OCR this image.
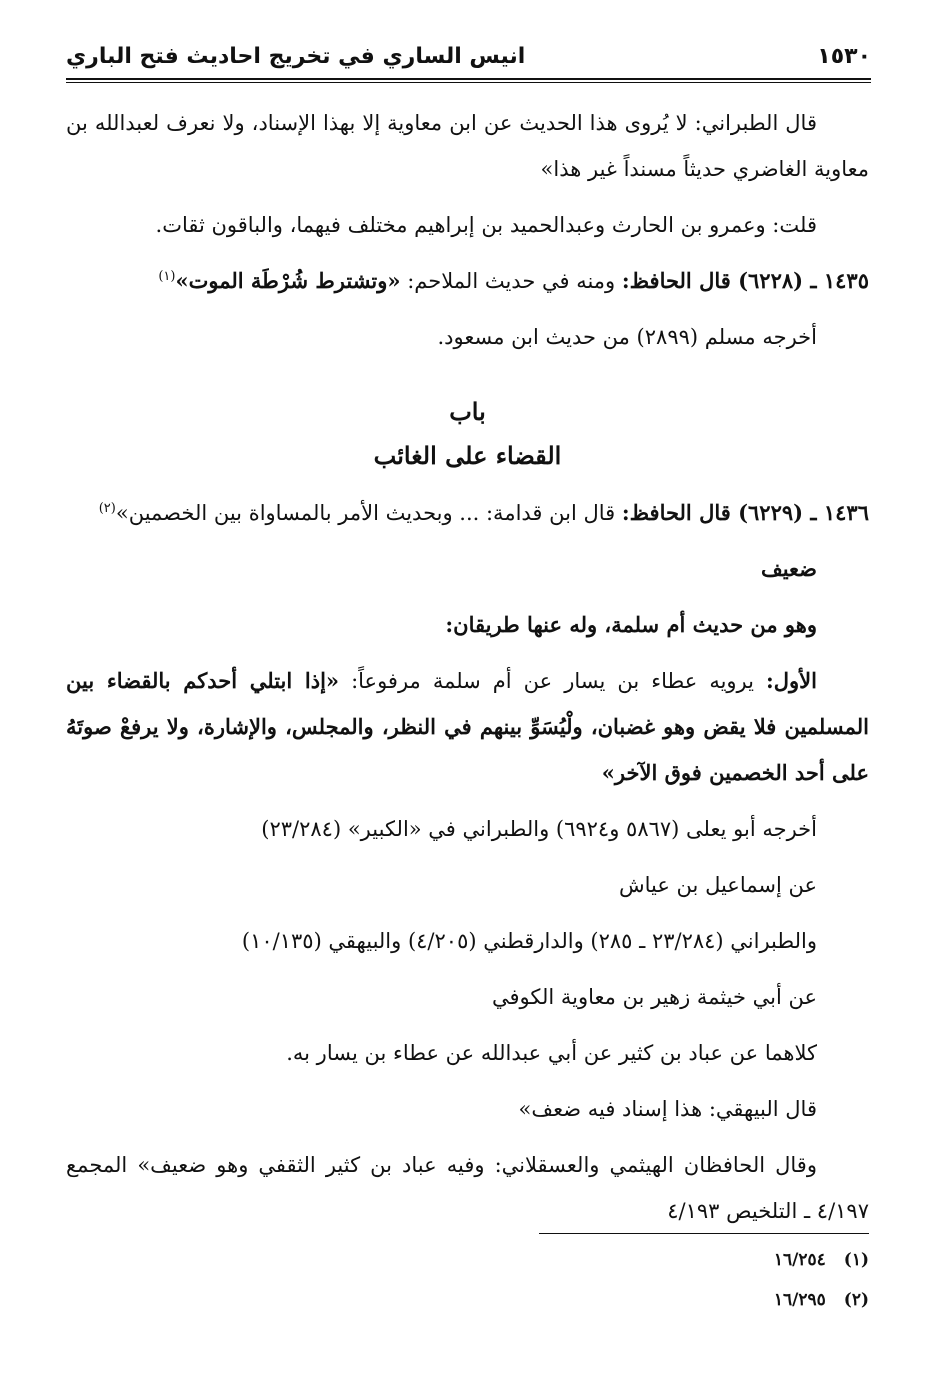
١٥٣٠
انيس الساري في تخريج احاديث فتح الباري

قال الطبراني: لا يُروى هذا الحديث عن ابن معاوية إلا بهذا الإسناد، ولا نعرف لعبدالله بن معاوية الغاضري حديثاً مسنداً غير هذا»

قلت: وعمرو بن الحارث وعبدالحميد بن إبراهيم مختلف فيهما، والباقون ثقات.

١٤٣٥ ـ (٦٢٢٨) قال الحافظ: ومنه في حديث الملاحم: «وتشترط شُرْطَة الموت»$^{(١)}$

أخرجه مسلم (٢٨٩٩) من حديث ابن مسعود.

باب
القضاء على الغائب

١٤٣٦ ـ (٦٢٢٩) قال الحافظ: قال ابن قدامة: ... وبحديث الأمر بالمساواة بين الخصمين»$^{(٢)}$

ضعيف

وهو من حديث أم سلمة، وله عنها طريقان:

الأول: يرويه عطاء بن يسار عن أم سلمة مرفوعاً: «إذا ابتلي أحدكم بالقضاء بين المسلمين فلا يقض وهو غضبان، ولْيُسَوِّ بينهم في النظر، والمجلس، والإشارة، ولا يرفعْ صوتَهُ على أحد الخصمين فوق الآخر»

أخرجه أبو يعلى (٥٨٦٧ و٦٩٢٤) والطبراني في «الكبير» (٢٣/٢٨٤)

عن إسماعيل بن عياش

والطبراني (٢٣/٢٨٤ ـ ٢٨٥) والدارقطني (٤/٢٠٥) والبيهقي (١٠/١٣٥)

عن أبي خيثمة زهير بن معاوية الكوفي

كلاهما عن عباد بن كثير عن أبي عبدالله عن عطاء بن يسار به.

قال البيهقي: هذا إسناد فيه ضعف»

وقال الحافظان الهيثمي والعسقلاني: وفيه عباد بن كثير الثقفي وهو ضعيف» المجمع ٤/١٩٧ ـ التلخيص ٤/١٩٣

(١)
١٦/٢٥٤
(٢)
١٦/٢٩٥
